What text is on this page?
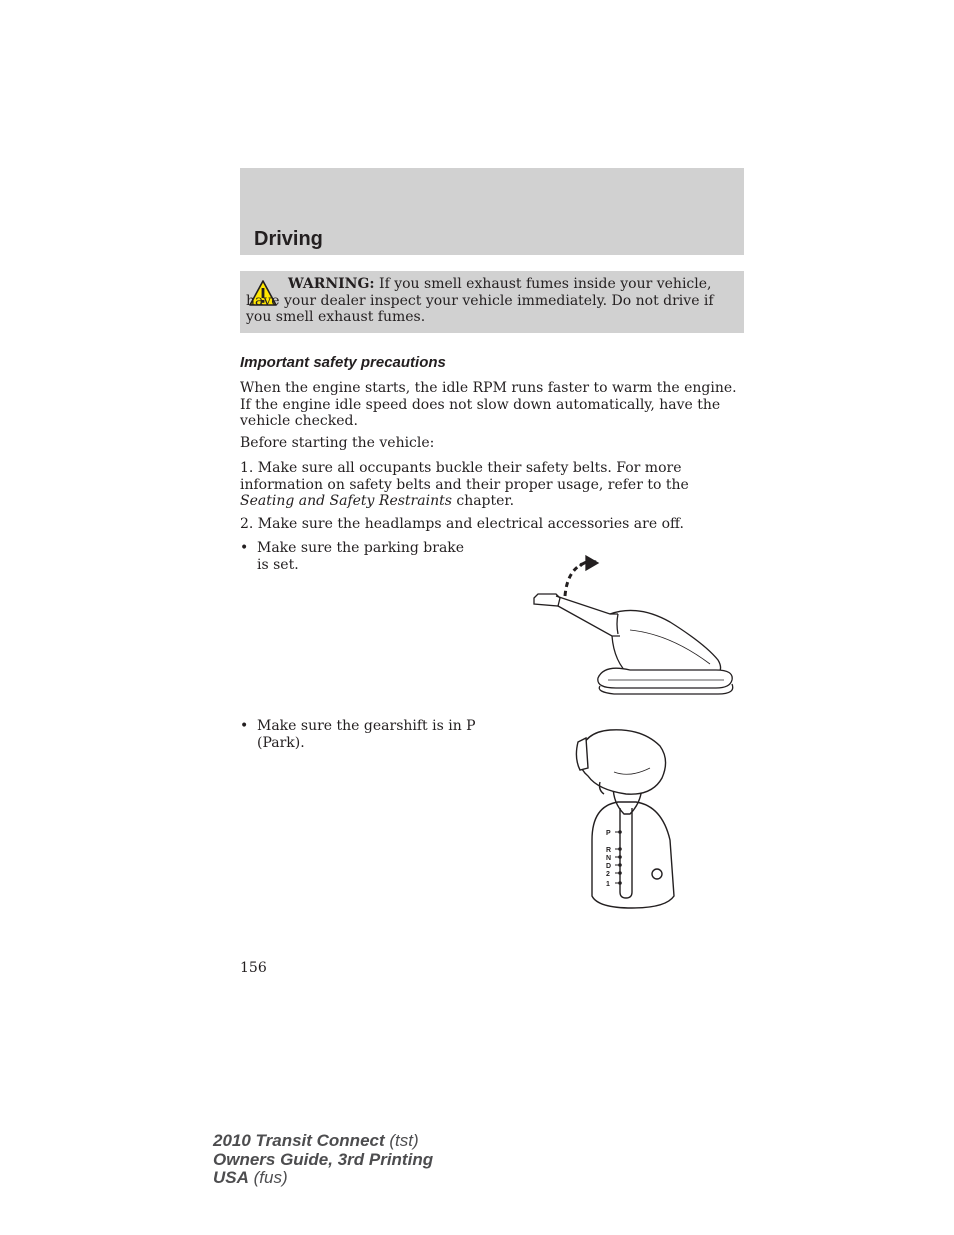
Driving
WARNING: If you smell exhaust fumes inside your vehicle, have your dealer inspect your vehicle immediately. Do not drive if you smell exhaust fumes.
Important safety precautions
When the engine starts, the idle RPM runs faster to warm the engine. If the engine idle speed does not slow down automatically, have the vehicle checked.
Before starting the vehicle:
1. Make sure all occupants buckle their safety belts. For more information on safety belts and their proper usage, refer to the Seating and Safety Restraints chapter.
2. Make sure the headlamps and electrical accessories are off.
• Make sure the parking brake is set.
• Make sure the gearshift is in P (Park).
P
R
N
D
2
1
156
2010 Transit Connect (tst)
Owners Guide, 3rd Printing
USA (fus)
